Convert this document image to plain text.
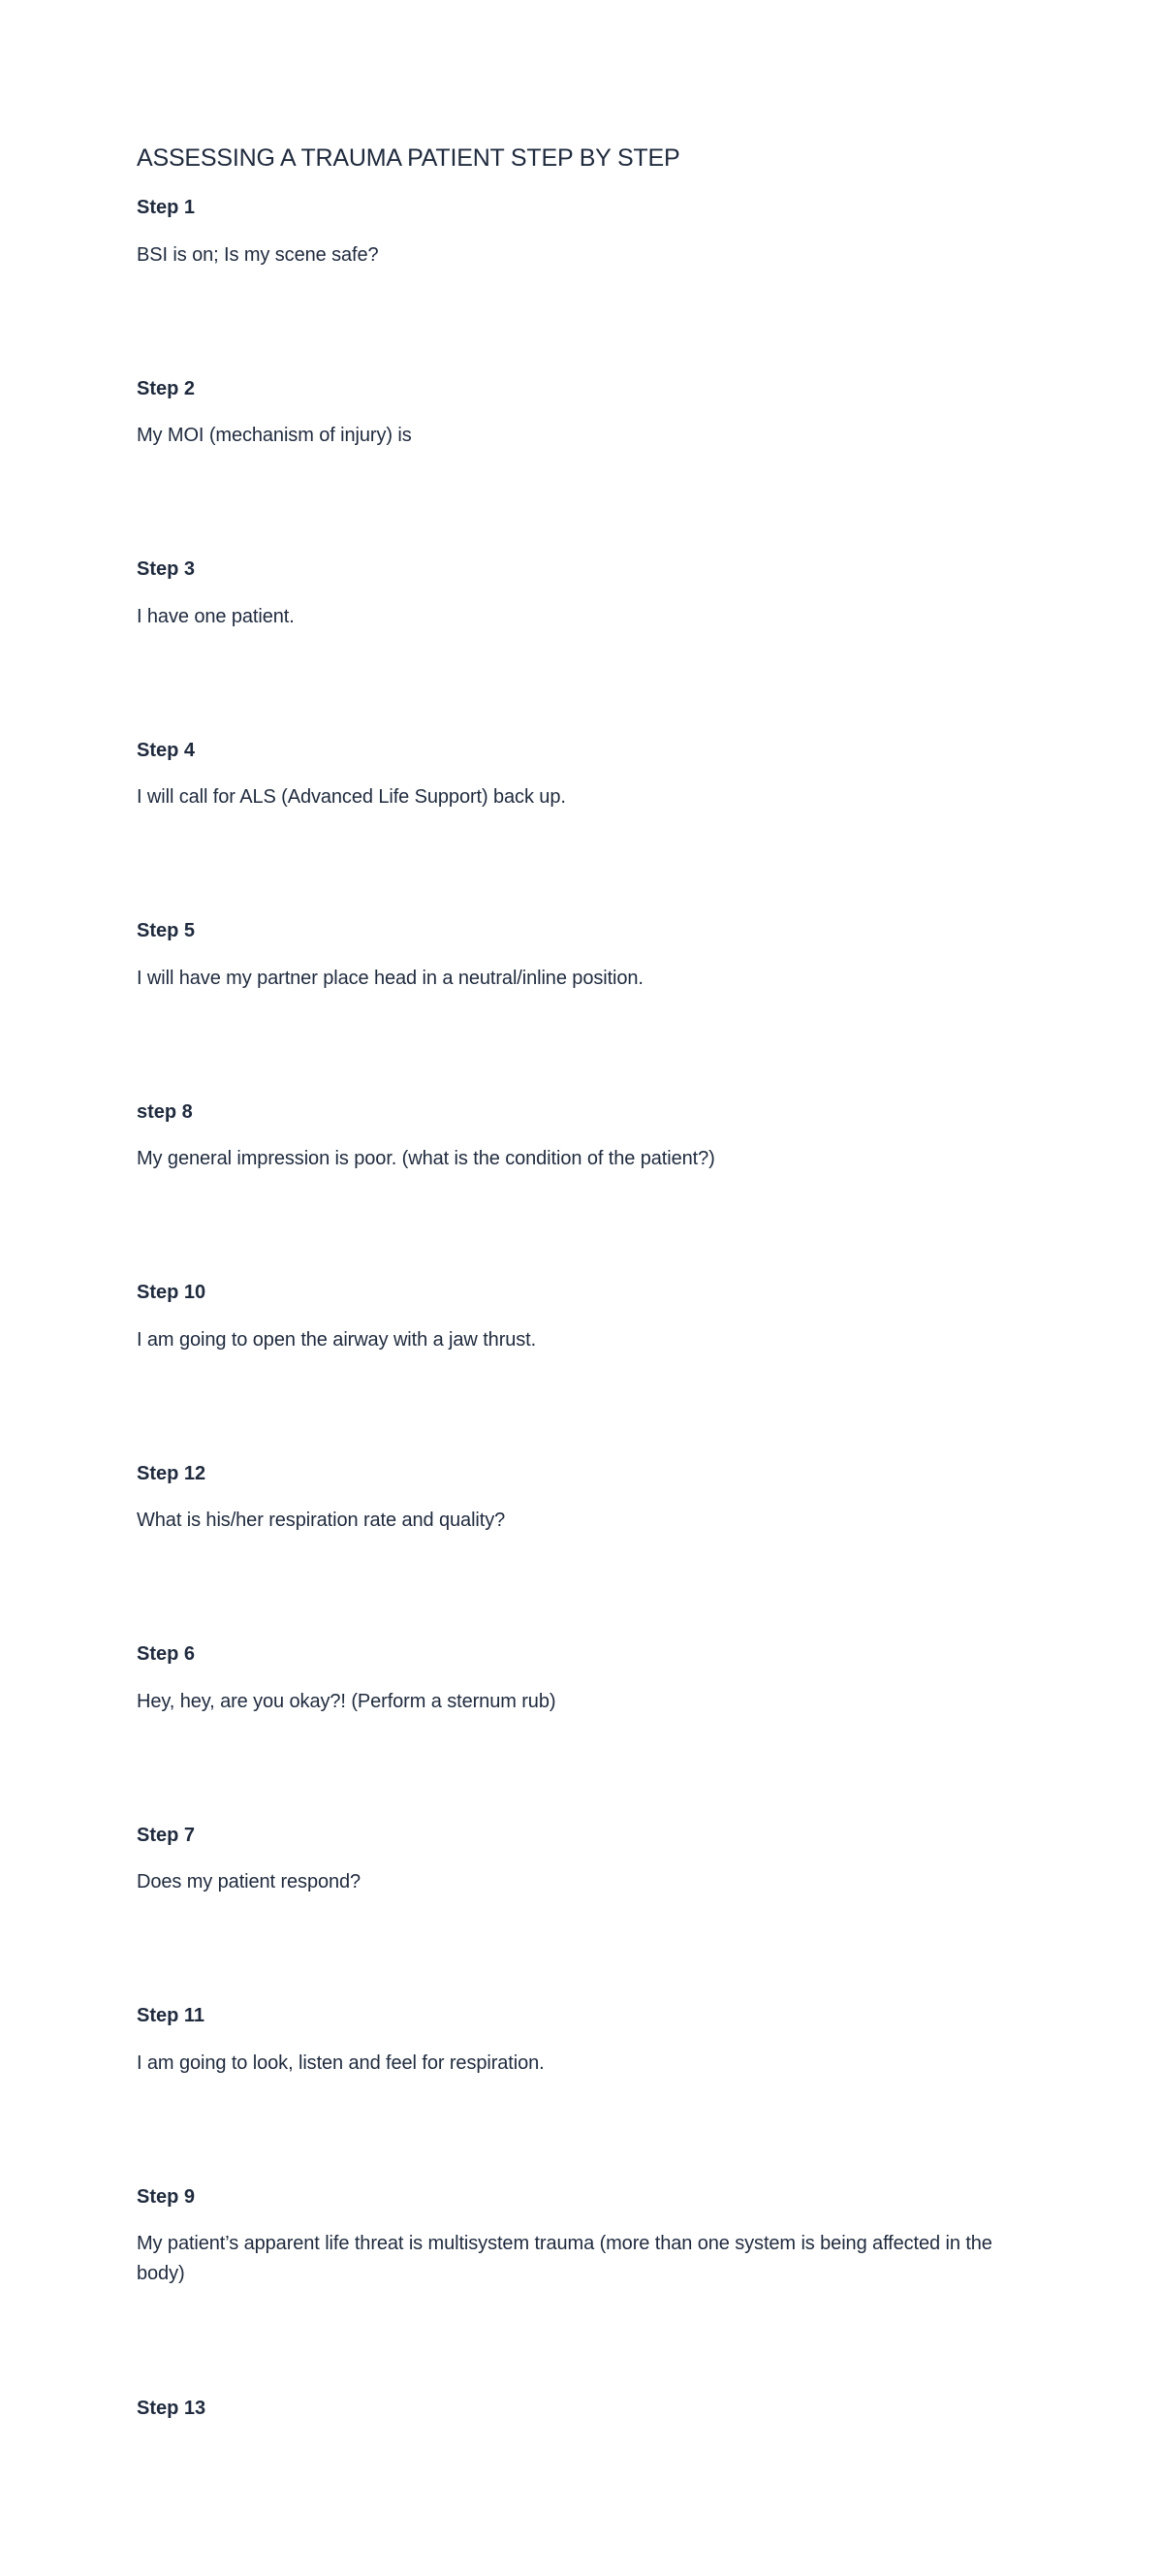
ASSESSING A TRAUMA PATIENT STEP BY STEP
Step 1

BSI is on; Is my scene safe?

Step 2

My MOI (mechanism of injury) is

Step 3

I have one patient.

Step 4

I will call for ALS (Advanced Life Support) back up.

Step 5

I will have my partner place head in a neutral/inline position.

step 8

My general impression is poor. (what is the condition of the patient?)

Step 10

I am going to open the airway with a jaw thrust.

Step 12

What is his/her respiration rate and quality?

Step 6

Hey, hey, are you okay?! (Perform a sternum rub)

Step 7

Does my patient respond?

Step 11

I am going to look, listen and feel for respiration.

Step 9

My patient’s apparent life threat is multisystem trauma (more than one system is being affected in the body)

Step 13
